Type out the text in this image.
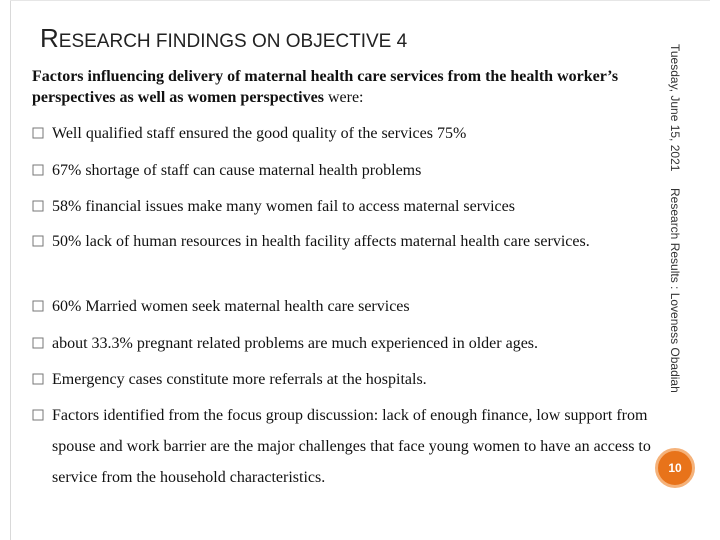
RESEARCH FINDINGS ON OBJECTIVE 4

Factors influencing delivery of maternal health care services from the health worker’s perspectives as well as women perspectives were:

Well qualified staff ensured the good quality of the services 75%
67% shortage of staff can cause maternal health problems
58% financial issues make many women fail to access maternal services
50% lack of human resources in health facility affects maternal health care services.
60% Married women seek maternal health care services
about 33.3% pregnant related problems are much experienced in older ages.
Emergency cases constitute more referrals at the hospitals.
Factors identified from the focus group discussion: lack of enough finance, low support from spouse and work barrier are the major challenges that face young women to have an access to service from the household characteristics.
Tuesday, June 15, 2021
Research Results : Loveness Obadiah
10
